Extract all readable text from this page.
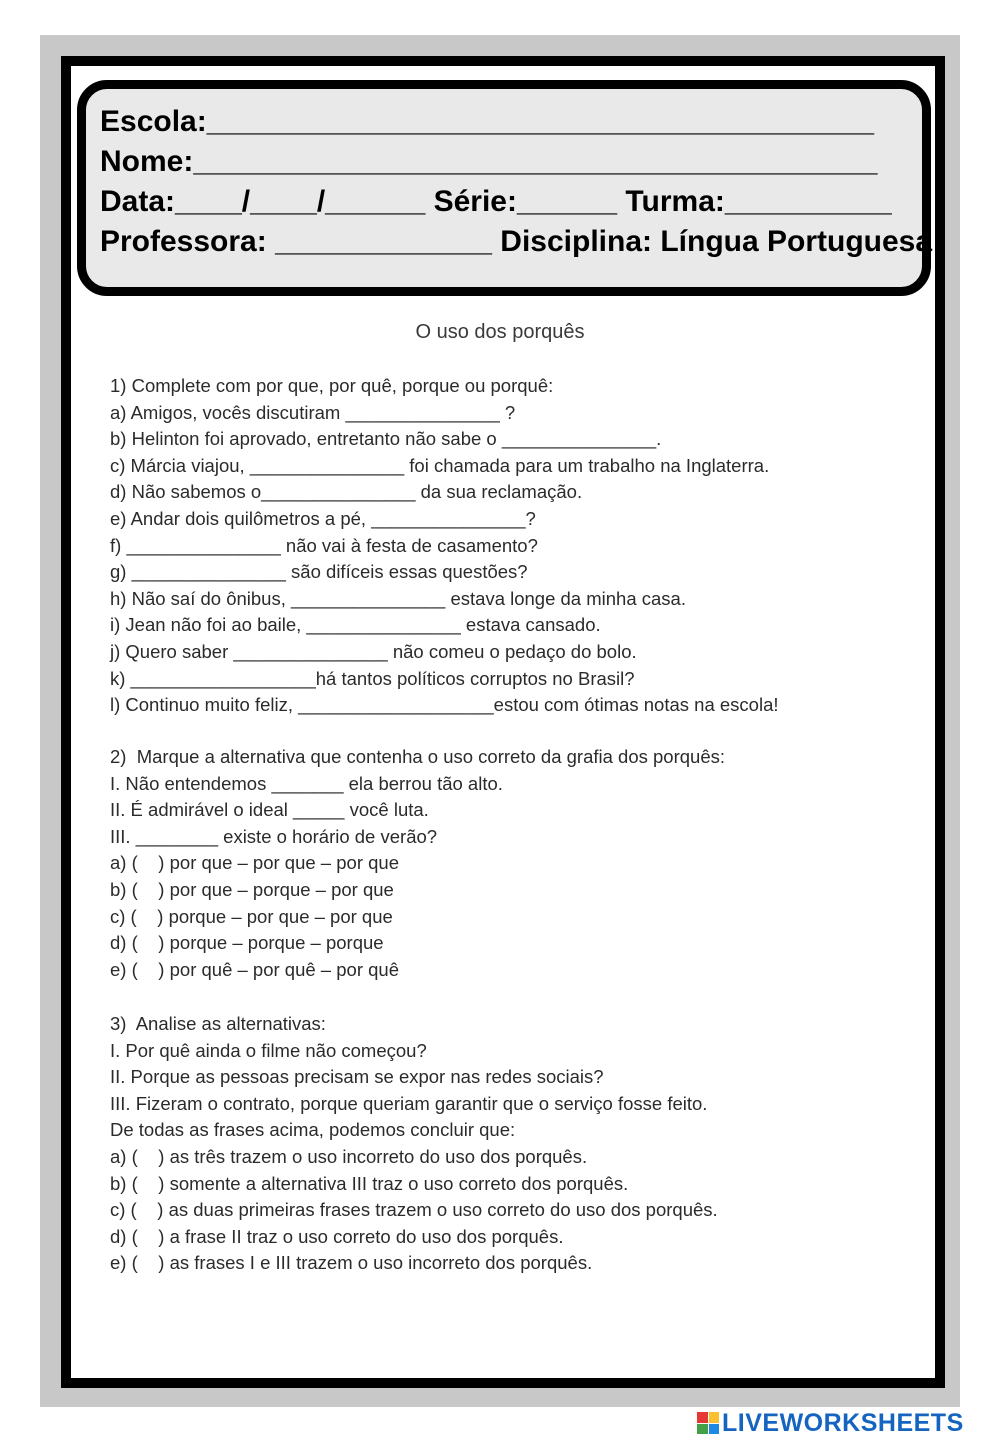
Escola:________________________________________
Nome:_________________________________________
Data:____/____/______ Série:______ Turma:__________
Professora: _____________ Disciplina: Língua Portuguesa
O uso dos porquês
1) Complete com por que, por quê, porque ou porquê:
a) Amigos, vocês discutiram _______________ ?
b) Helinton foi aprovado, entretanto não sabe o _______________.
c) Márcia viajou, _______________ foi chamada para um trabalho na Inglaterra.
d) Não sabemos o_______________ da sua reclamação.
e) Andar dois quilômetros a pé, _______________?
f) _______________ não vai à festa de casamento?
g) _______________ são difíceis essas questões?
h) Não saí do ônibus, _______________ estava longe da minha casa.
i) Jean não foi ao baile, _______________ estava cansado.
j) Quero saber _______________ não comeu o pedaço do bolo.
k) __________________há tantos políticos corruptos no Brasil?
l) Continuo muito feliz, ___________________estou com ótimas notas na escola!
2)  Marque a alternativa que contenha o uso correto da grafia dos porquês:
I. Não entendemos _______ ela berrou tão alto.
II. É admirável o ideal _____ você luta.
III. ________ existe o horário de verão?
a) (    ) por que – por que – por que
b) (    ) por que – porque – por que
c) (    ) porque – por que – por que
d) (    ) porque – porque – porque
e) (    ) por quê – por quê – por quê
3)  Analise as alternativas:
I. Por quê ainda o filme não começou?
II. Porque as pessoas precisam se expor nas redes sociais?
III. Fizeram o contrato, porque queriam garantir que o serviço fosse feito.
De todas as frases acima, podemos concluir que:
a) (    ) as três trazem o uso incorreto do uso dos porquês.
b) (    ) somente a alternativa III traz o uso correto dos porquês.
c) (    ) as duas primeiras frases trazem o uso correto do uso dos porquês.
d) (    ) a frase II traz o uso correto do uso dos porquês.
e) (    ) as frases I e III trazem o uso incorreto dos porquês.
LIVEWORKSHEETS
